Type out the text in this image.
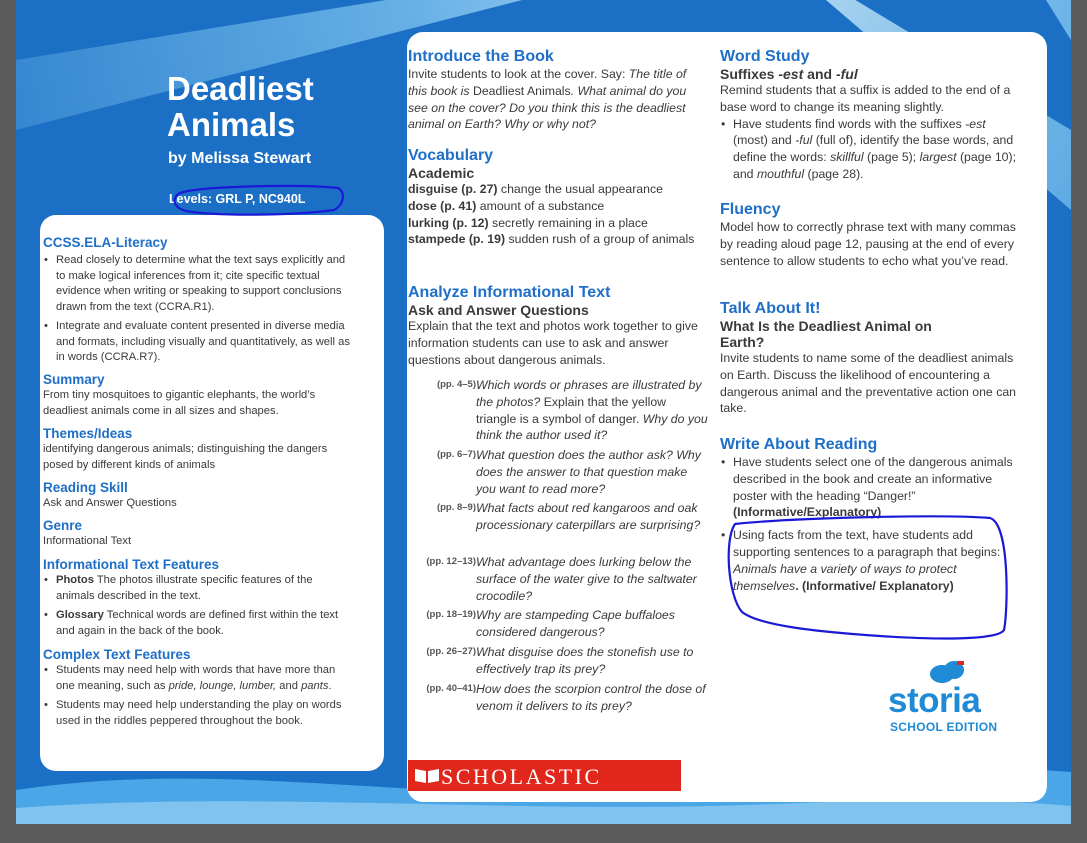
Deadliest
Animals

by Melissa Stewart

Levels: GRL P, NC940L

CCSS.ELA-Literacy

• Read closely to determine what the text says explicitly and to make logical inferences from it; cite specific textual evidence when writing or speaking to support conclusions drawn from the text (CCRA.R1).

• Integrate and evaluate content presented in diverse media and formats, including visually and quantitatively, as well as in words (CCRA.R7).

Summary

From tiny mosquitoes to gigantic elephants, the world’s deadliest animals come in all sizes and shapes.

Themes/Ideas

identifying dangerous animals; distinguishing the dangers posed by different kinds of animals

Reading Skill

Ask and Answer Questions

Genre

Informational Text

Informational Text Features

• Photos The photos illustrate specific features of the animals described in the text.

• Glossary Technical words are defined first within the text and again in the back of the book.

Complex Text Features

• Students may need help with words that have more than one meaning, such as pride, lounge, lumber, and pants.

• Students may need help understanding the play on words used in the riddles peppered throughout the book.

Introduce the Book

Invite students to look at the cover. Say: The title of this book is Deadliest Animals. What animal do you see on the cover? Do you think this is the deadliest animal on Earth? Why or why not?

Vocabulary

Academic

disguise (p. 27) change the usual appearance

dose (p. 41) amount of a substance

lurking (p. 12) secretly remaining in a place

stampede (p. 19) sudden rush of a group of animals

Analyze Informational Text

Ask and Answer Questions

Explain that the text and photos work together to give information students can use to ask and answer questions about dangerous animals.

(pp. 4–5) Which words or phrases are illustrated by the photos? Explain that the yellow triangle is a symbol of danger. Why do you think the author used it?

(pp. 6–7) What question does the author ask? Why does the answer to that question make you want to read more?

(pp. 8–9) What facts about red kangaroos and oak processionary caterpillars are surprising?

(pp. 12–13) What advantage does lurking below the surface of the water give to the saltwater crocodile?

(pp. 18–19) Why are stampeding Cape buffaloes considered dangerous?

(pp. 26–27) What disguise does the stonefish use to effectively trap its prey?

(pp. 40–41) How does the scorpion control the dose of venom it delivers to its prey?

Word Study

Suffixes -est and -ful

Remind students that a suffix is added to the end of a base word to change its meaning slightly.

• Have students find words with the suffixes -est (most) and -ful (full of), identify the base words, and define the words: skillful (page 5); largest (page 10); and mouthful (page 28).

Fluency

Model how to correctly phrase text with many commas by reading aloud page 12, pausing at the end of every sentence to allow students to echo what you’ve read.

Talk About It!

What Is the Deadliest Animal on Earth?

Invite students to name some of the deadliest animals on Earth. Discuss the likelihood of encountering a dangerous animal and the preventative action one can take.

Write About Reading

• Have students select one of the dangerous animals described in the book and create an informative poster with the heading “Danger!” (Informative/Explanatory)

• Using facts from the text, have students add supporting sentences to a paragraph that begins: Animals have a variety of ways to protect themselves. (Informative/ Explanatory)

SCHOLASTIC

storia

SCHOOL EDITION

Teaching Tip Card
